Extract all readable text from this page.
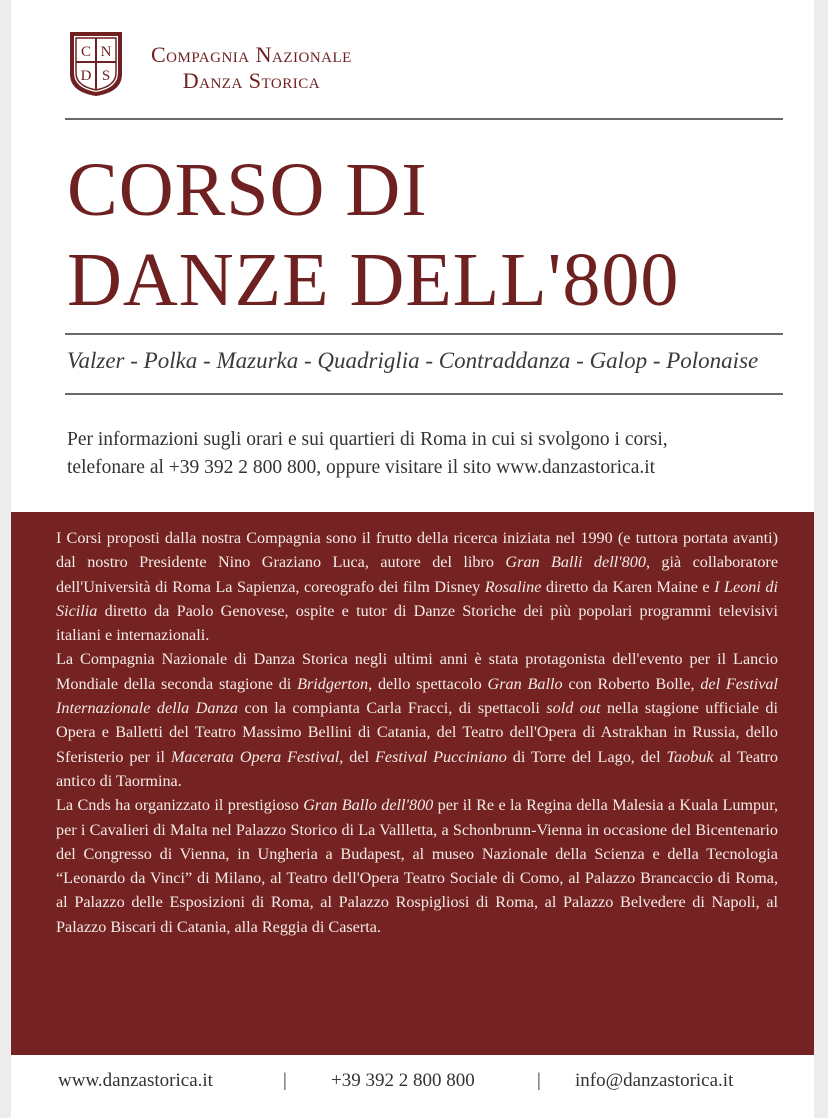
C N
D S
Compagnia Nazionale
Danza Storica
CORSO DI
DANZE DELL'800
Valzer - Polka - Mazurka - Quadriglia - Contraddanza - Galop - Polonaise
Per informazioni sugli orari e sui quartieri di Roma in cui si svolgono i corsi,
telefonare al +39 392 2 800 800, oppure visitare il sito www.danzastorica.it

I Corsi proposti dalla nostra Compagnia sono il frutto della ricerca iniziata nel 1990 (e tuttora portata avanti) dal nostro Presidente Nino Graziano Luca, autore del libro Gran Balli dell'800, già collaboratore dell'Università di Roma La Sapienza, coreografo dei film Disney Rosaline diretto da Karen Maine e I Leoni di Sicilia diretto da Paolo Genovese, ospite e tutor di Danze Storiche dei più popolari programmi televisivi italiani e internazionali.

La Compagnia Nazionale di Danza Storica negli ultimi anni è stata protagonista dell'evento per il Lancio Mondiale della seconda stagione di Bridgerton, dello spettacolo Gran Ballo con Roberto Bolle, del Festival Internazionale della Danza con la compianta Carla Fracci, di spettacoli sold out nella stagione ufficiale di Opera e Balletti del Teatro Massimo Bellini di Catania, del Teatro dell'Opera di Astrakhan in Russia, dello Sferisterio per il Macerata Opera Festival, del Festival Pucciniano di Torre del Lago, del Taobuk al Teatro antico di Taormina.

La Cnds ha organizzato il prestigioso Gran Ballo dell'800 per il Re e la Regina della Malesia a Kuala Lumpur, per i Cavalieri di Malta nel Palazzo Storico di La Vallletta, a Schonbrunn-Vienna in occasione del Bicentenario del Congresso di Vienna, in Ungheria a Budapest, al museo Nazionale della Scienza e della Tecnologia “Leonardo da Vinci” di Milano, al Teatro dell'Opera Teatro Sociale di Como, al Palazzo Brancaccio di Roma, al Palazzo delle Esposizioni di Roma, al Palazzo Rospigliosi di Roma, al Palazzo Belvedere di Napoli, al Palazzo Biscari di Catania, alla Reggia di Caserta.

www.danzastorica.it	| +39 392 2 800 800	| info@danzastorica.it
